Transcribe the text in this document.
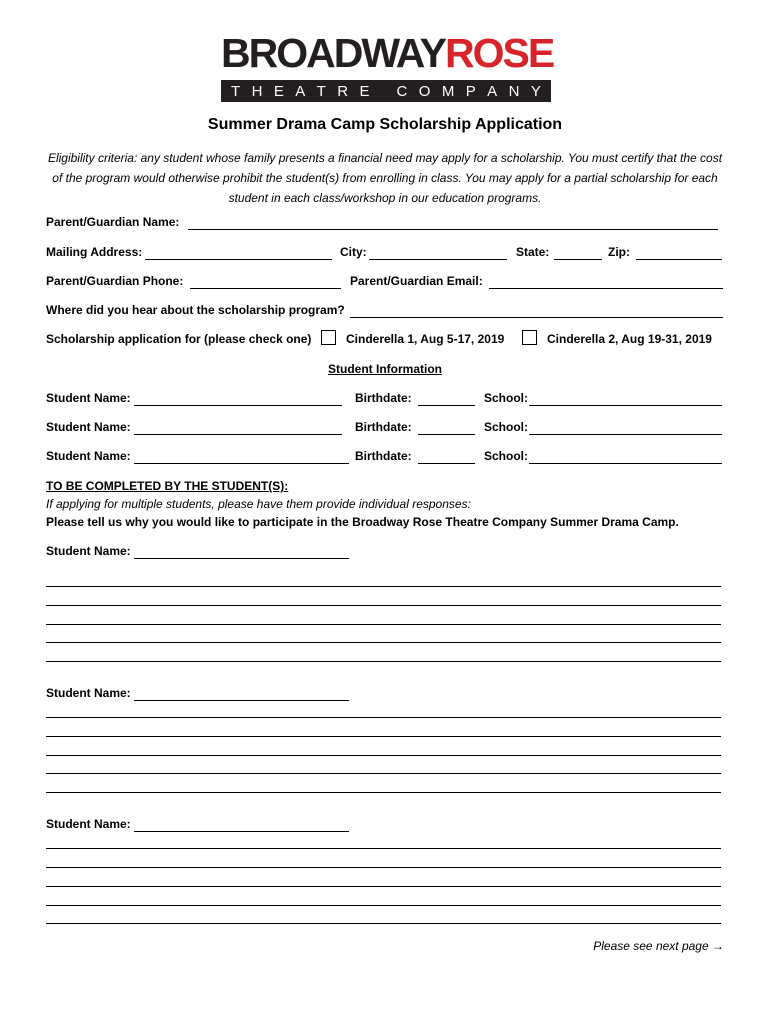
BROADWAY ROSE
T H E A T R E
C O M P A N Y
Summer Drama Camp Scholarship Application
Eligibility criteria: any student whose family presents a financial need may apply for a scholarship. You must certify that the cost of the program would otherwise prohibit the student(s) from enrolling in class. You may apply for a partial scholarship for each student in each class/workshop in our education programs.
Parent/Guardian Name:
Mailing Address:	City:	State:	Zip:
Parent/Guardian Phone:	Parent/Guardian Email:
Where did you hear about the scholarship program?
Scholarship application for (please check one)	Cinderella 1, Aug 5-17, 2019	Cinderella 2, Aug 19-31, 2019
Student Information
Student Name:	Birthdate:	School:
Student Name:	Birthdate:	School:
Student Name:	Birthdate:	School:
TO BE COMPLETED BY THE STUDENT(S):
If applying for multiple students, please have them provide individual responses:
Please tell us why you would like to participate in the Broadway Rose Theatre Company Summer Drama Camp.
Student Name:
Student Name:
Student Name:
Please see next page →
